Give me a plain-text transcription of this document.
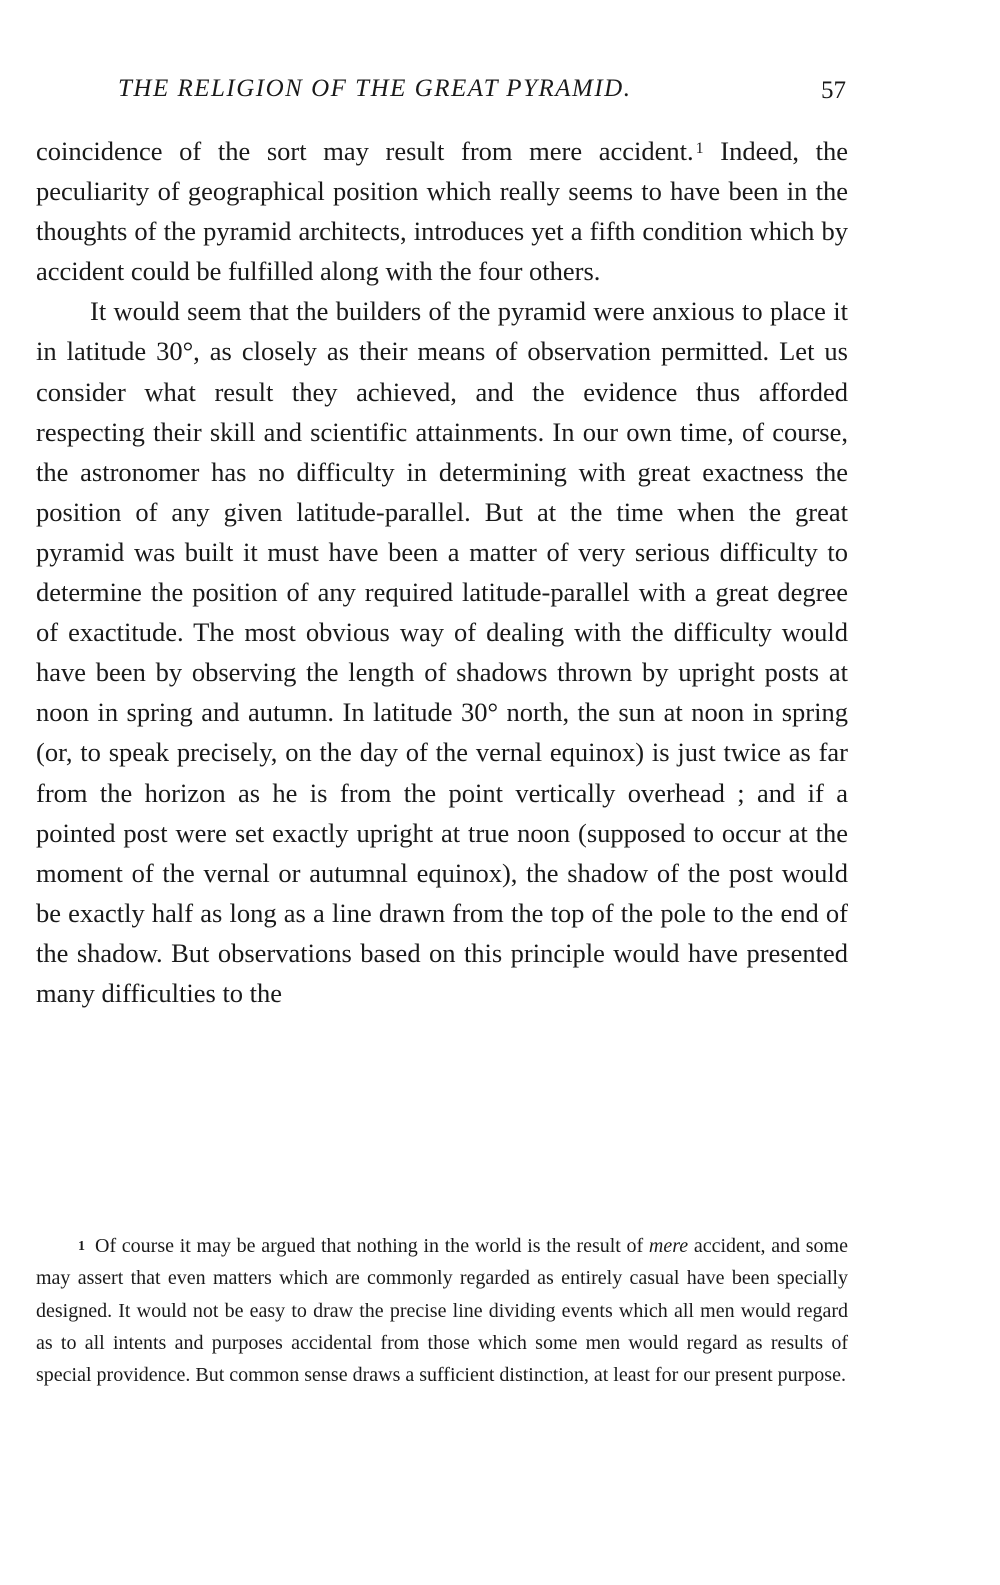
THE RELIGION OF THE GREAT PYRAMID.	57

coincidence of the sort may result from mere accident. $^1$ Indeed, the peculiarity of geographical position which really seems to have been in the thoughts of the pyramid architects, introduces yet a fifth condition which by accident could be fulfilled along with the four others.

It would seem that the builders of the pyramid were anxious to place it in latitude 30°, as closely as their means of observation permitted. Let us consider what result they achieved, and the evidence thus afforded respecting their skill and scientific attainments. In our own time, of course, the astronomer has no difficulty in determining with great exactness the position of any given latitude-parallel. But at the time when the great pyramid was built it must have been a matter of very serious difficulty to determine the position of any required latitude-parallel with a great degree of exactitude. The most obvious way of dealing with the difficulty would have been by observing the length of shadows thrown by upright posts at noon in spring and autumn. In latitude 30° north, the sun at noon in spring (or, to speak precisely, on the day of the vernal equinox) is just twice as far from the horizon as he is from the point vertically overhead ; and if a pointed post were set exactly upright at true noon (supposed to occur at the moment of the vernal or autumnal equinox), the shadow of the post would be exactly half as long as a line drawn from the top of the pole to the end of the shadow. But observations based on this principle would have presented many difficulties to the

$^1$ Of course it may be argued that nothing in the world is the result of mere accident, and some may assert that even matters which are commonly regarded as entirely casual have been specially designed. It would not be easy to draw the precise line dividing events which all men would regard as to all intents and purposes accidental from those which some men would regard as results of special providence. But common sense draws a sufficient distinction, at least for our present purpose.
